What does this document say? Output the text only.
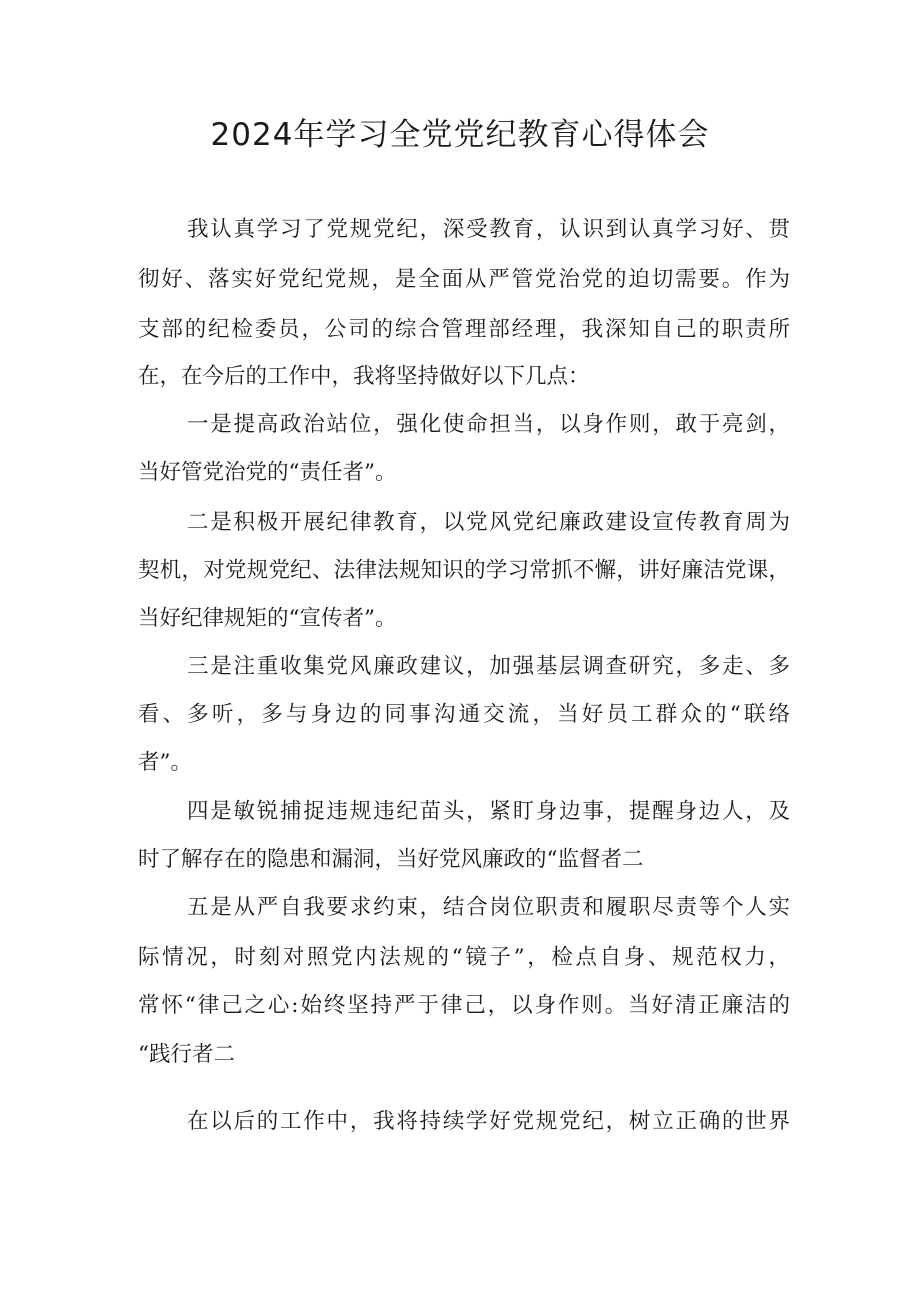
2024年学习全党党纪教育心得体会

我认真学习了党规党纪，深受教育，认识到认真学习好、贯

彻好、落实好党纪党规，是全面从严管党治党的迫切需要。作为

支部的纪检委员，公司的综合管理部经理，我深知自己的职责所

在，在今后的工作中，我将坚持做好以下几点：

一是提高政治站位，强化使命担当，以身作则，敢于亮剑，

当好管党治党的“责任者”。

二是积极开展纪律教育，以党风党纪廉政建设宣传教育周为

契机，对党规党纪、法律法规知识的学习常抓不懈，讲好廉洁党课，

当好纪律规矩的“宣传者”。

三是注重收集党风廉政建议，加强基层调查研究，多走、多

看、多听，多与身边的同事沟通交流，当好员工群众的“联络

者”。

四是敏锐捕捉违规违纪苗头，紧盯身边事，提醒身边人，及

时了解存在的隐患和漏洞，当好党风廉政的“监督者二

五是从严自我要求约束，结合岗位职责和履职尽责等个人实

际情况，时刻对照党内法规的“镜子”，检点自身、规范权力，

常怀“律己之心:始终坚持严于律己，以身作则。当好清正廉洁的

“践行者二

在以后的工作中，我将持续学好党规党纪，树立正确的世界
